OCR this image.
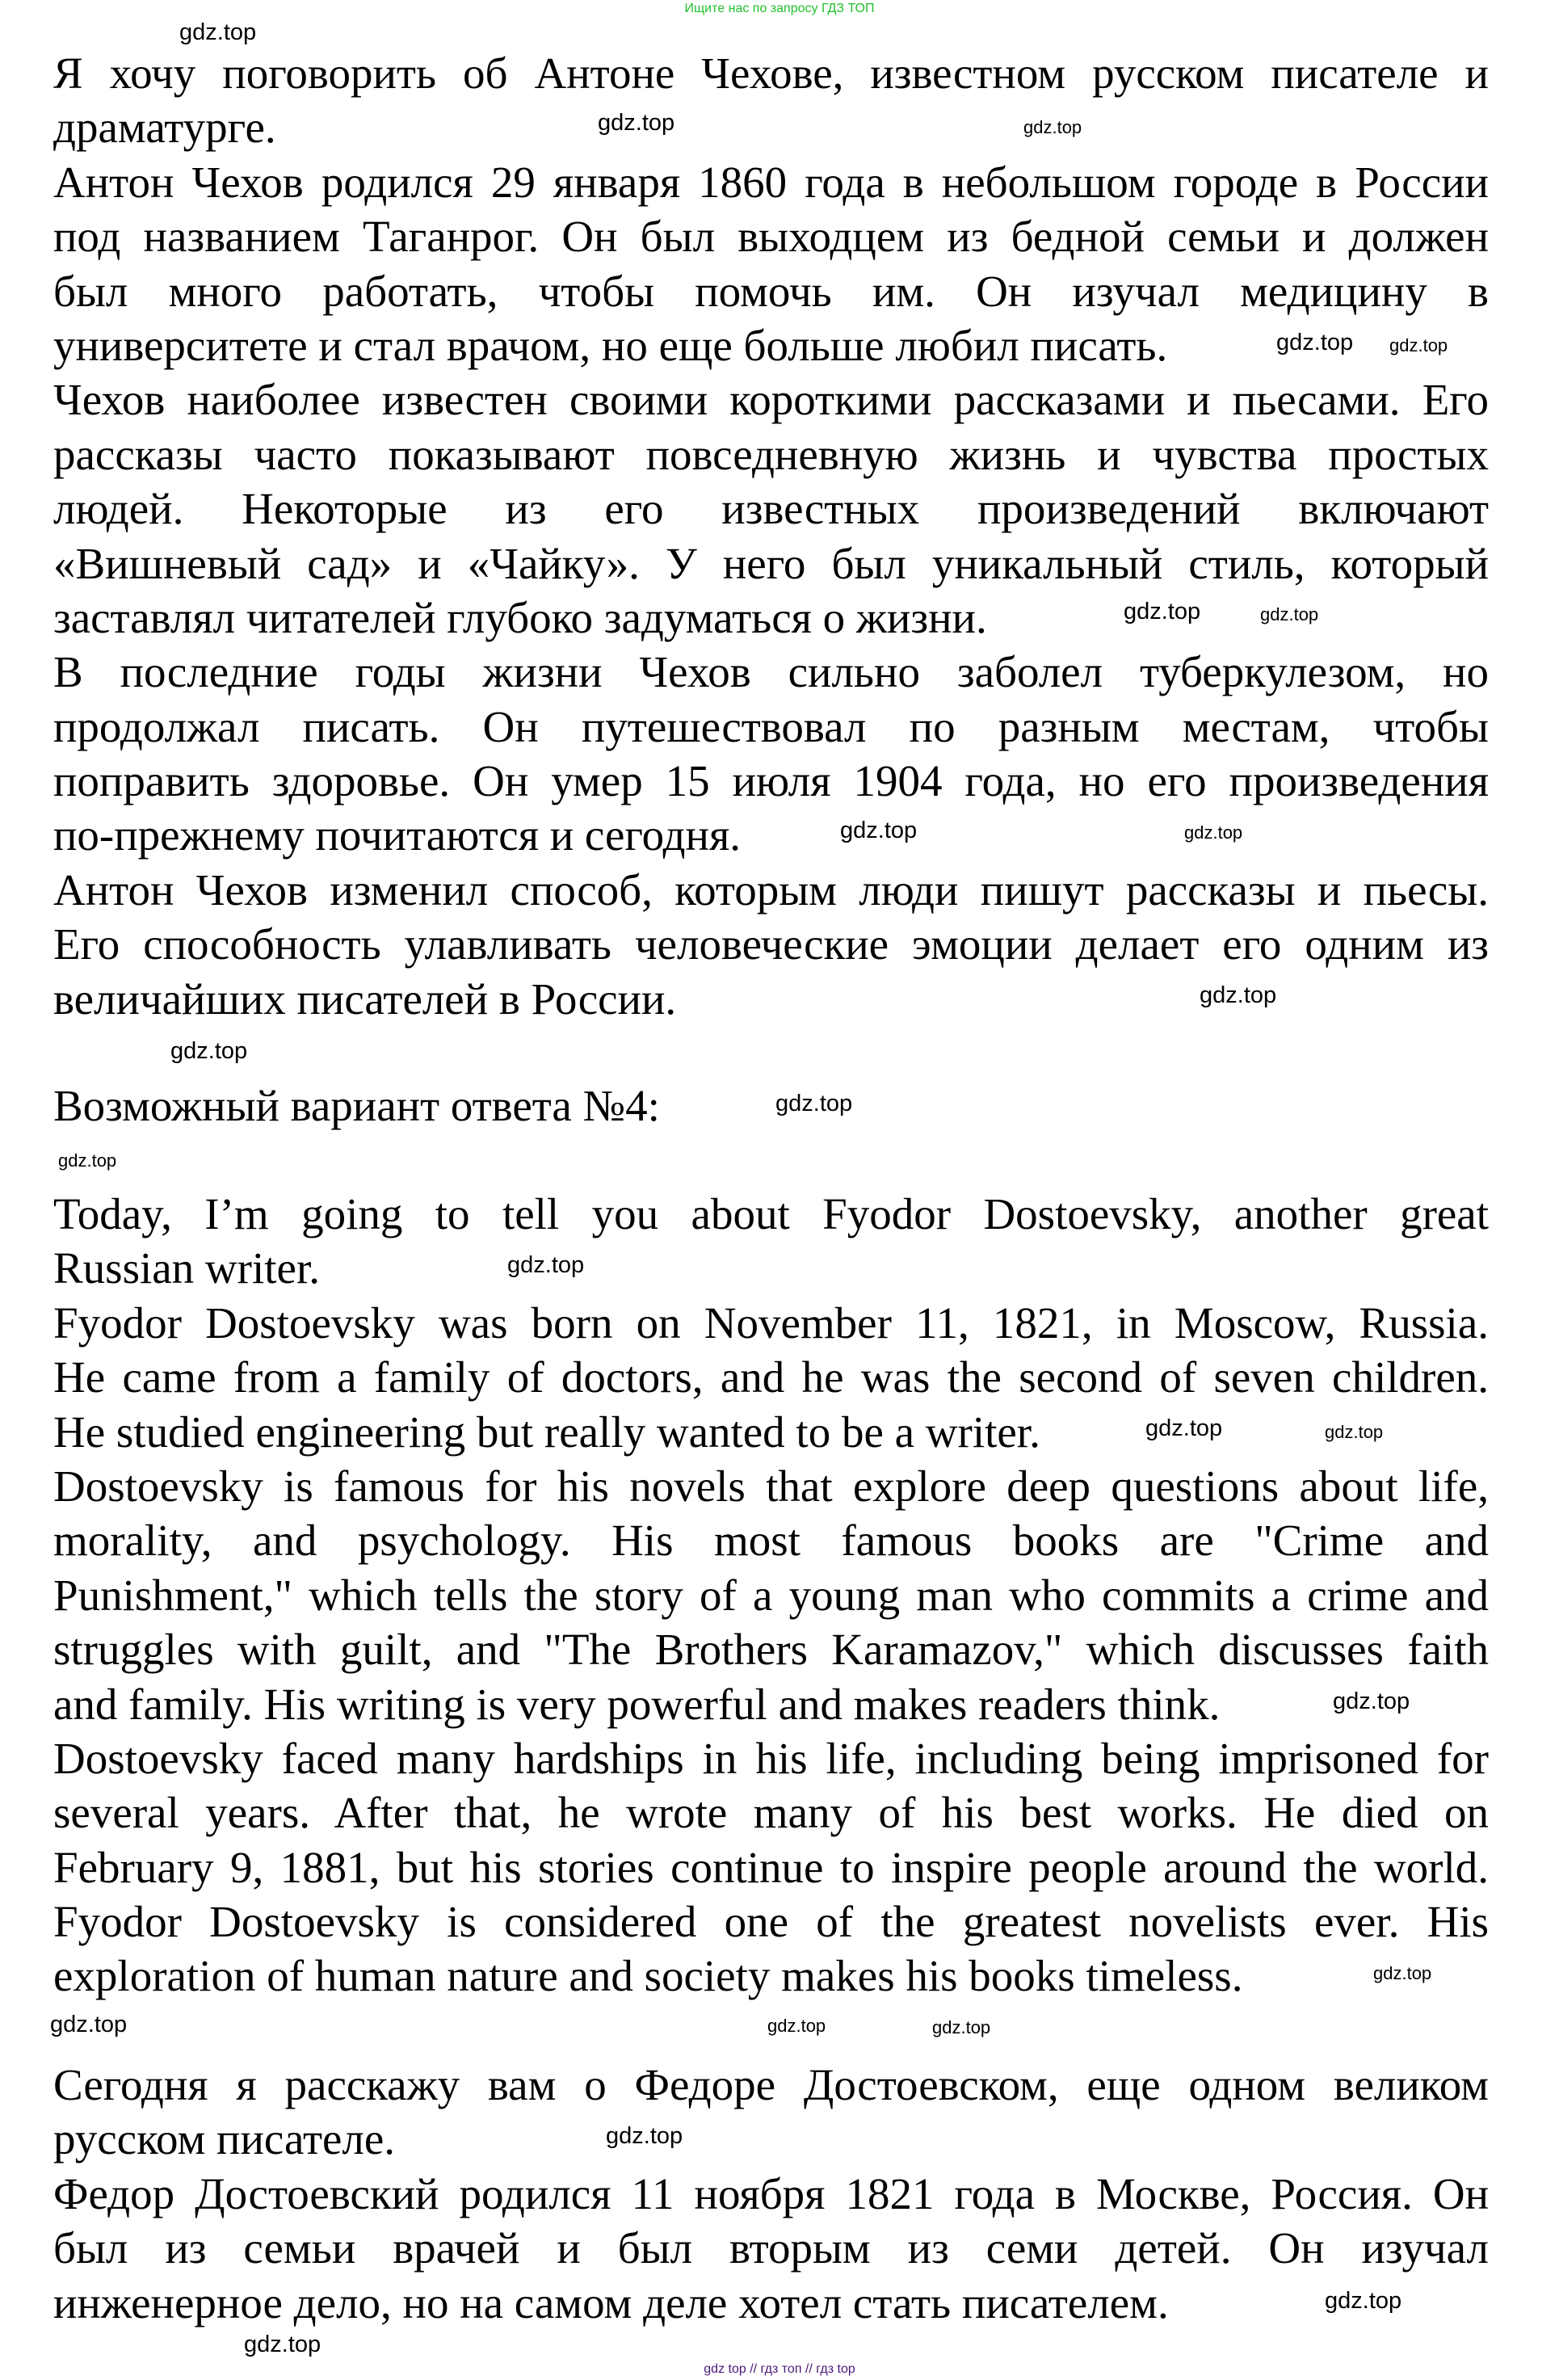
Ищите нас по запросу ГДЗ ТОП
Я хочу поговорить об Антоне Чехове, известном русском писателе и
драматурге.
Антон Чехов родился 29 января 1860 года в небольшом городе в России
под названием Таганрог. Он был выходцем из бедной семьи и должен
был много работать, чтобы помочь им. Он изучал медицину в
университете и стал врачом, но еще больше любил писать.
Чехов наиболее известен своими короткими рассказами и пьесами. Его
рассказы часто показывают повседневную жизнь и чувства простых
людей. Некоторые из его известных произведений включают
«Вишневый сад» и «Чайку». У него был уникальный стиль, который
заставлял читателей глубоко задуматься о жизни.
В последние годы жизни Чехов сильно заболел туберкулезом, но
продолжал писать. Он путешествовал по разным местам, чтобы
поправить здоровье. Он умер 15 июля 1904 года, но его произведения
по-прежнему почитаются и сегодня.
Антон Чехов изменил способ, которым люди пишут рассказы и пьесы.
Его способность улавливать человеческие эмоции делает его одним из
величайших писателей в России.
Возможный вариант ответа №4:
Today, I’m going to tell you about Fyodor Dostoevsky, another great
Russian writer.
Fyodor Dostoevsky was born on November 11, 1821, in Moscow, Russia.
He came from a family of doctors, and he was the second of seven children.
He studied engineering but really wanted to be a writer.
Dostoevsky is famous for his novels that explore deep questions about life,
morality, and psychology. His most famous books are "Crime and
Punishment," which tells the story of a young man who commits a crime and
struggles with guilt, and "The Brothers Karamazov," which discusses faith
and family. His writing is very powerful and makes readers think.
Dostoevsky faced many hardships in his life, including being imprisoned for
several years. After that, he wrote many of his best works. He died on
February 9, 1881, but his stories continue to inspire people around the world.
Fyodor Dostoevsky is considered one of the greatest novelists ever. His
exploration of human nature and society makes his books timeless.
Сегодня я расскажу вам о Федоре Достоевском, еще одном великом
русском писателе.
Федор Достоевский родился 11 ноября 1821 года в Москве, Россия. Он
был из семьи врачей и был вторым из семи детей. Он изучал
инженерное дело, но на самом деле хотел стать писателем.
gdz.top
gdz.top	gdz.top
gdz.top gdz.top
gdz.top
gdz.top
gdz.top
gdz.top
gdz.top
gdz.top
gdz.top
gdz.top
gdz.top	gdz.top
gdz.top
gdz.top
gdz.top
gdz.top
gdz.top	gdz.top
gdz.top
gdz.top
gdz.top
gdz top // гдз топ // гдз top
